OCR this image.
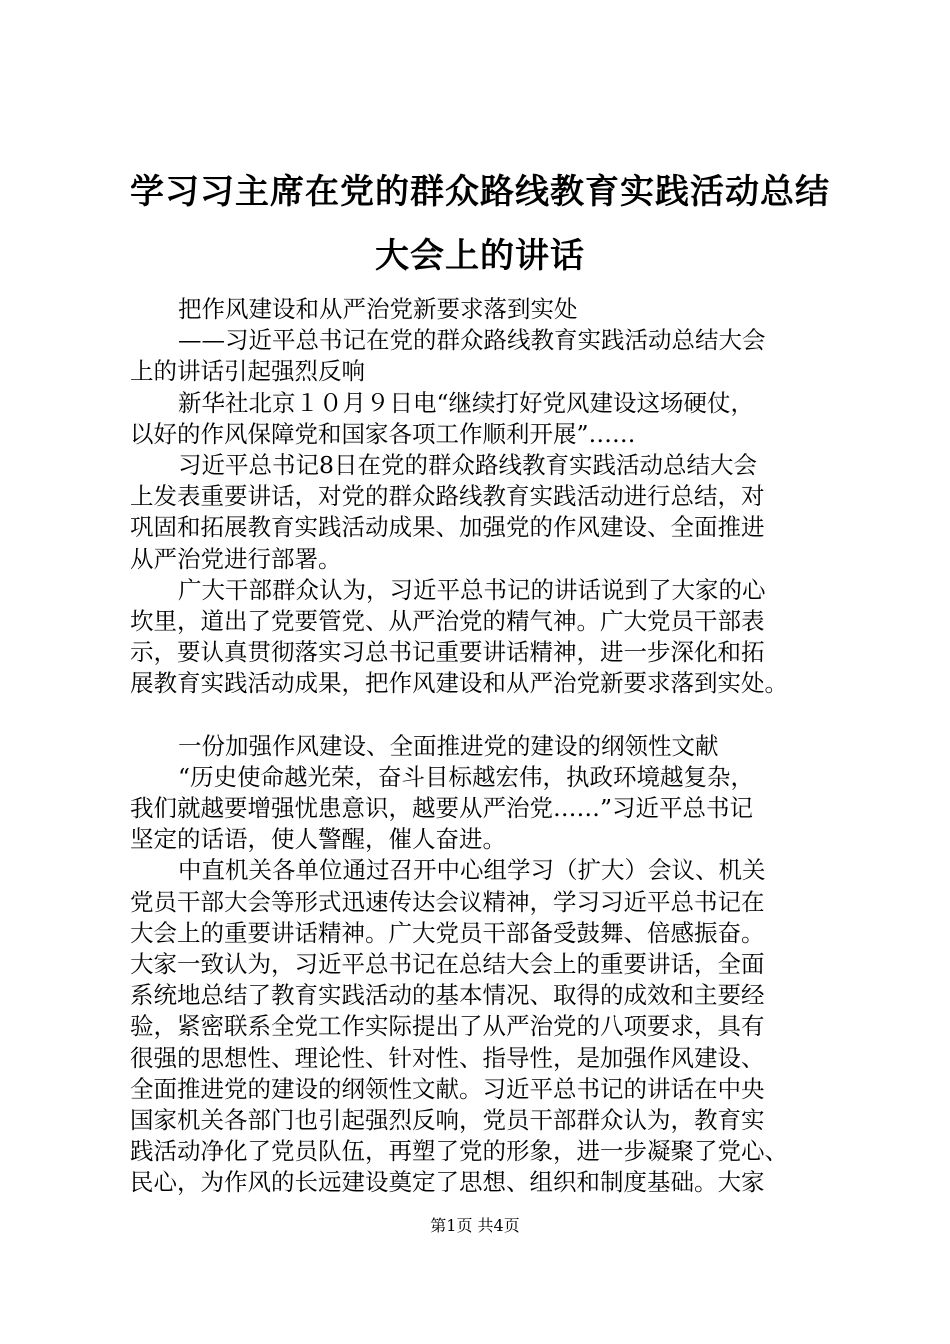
学习习主席在党的群众路线教育实践活动总结
大会上的讲话
把作风建设和从严治党新要求落到实处
——习近平总书记在党的群众路线教育实践活动总结大会
上的讲话引起强烈反响
新华社北京１０月９日电“继续打好党风建设这场硬仗，
以好的作风保障党和国家各项工作顺利开展”……
习近平总书记8日在党的群众路线教育实践活动总结大会
上发表重要讲话，对党的群众路线教育实践活动进行总结，对
巩固和拓展教育实践活动成果、加强党的作风建设、全面推进
从严治党进行部署。
广大干部群众认为，习近平总书记的讲话说到了大家的心
坎里，道出了党要管党、从严治党的精气神。广大党员干部表
示，要认真贯彻落实习总书记重要讲话精神，进一步深化和拓
展教育实践活动成果，把作风建设和从严治党新要求落到实处。
一份加强作风建设、全面推进党的建设的纲领性文献
“历史使命越光荣，奋斗目标越宏伟，执政环境越复杂，
我们就越要增强忧患意识，越要从严治党……”习近平总书记
坚定的话语，使人警醒，催人奋进。
中直机关各单位通过召开中心组学习（扩大）会议、机关
党员干部大会等形式迅速传达会议精神，学习习近平总书记在
大会上的重要讲话精神。广大党员干部备受鼓舞、倍感振奋。
大家一致认为，习近平总书记在总结大会上的重要讲话，全面
系统地总结了教育实践活动的基本情况、取得的成效和主要经
验，紧密联系全党工作实际提出了从严治党的八项要求，具有
很强的思想性、理论性、针对性、指导性，是加强作风建设、
全面推进党的建设的纲领性文献。习近平总书记的讲话在中央
国家机关各部门也引起强烈反响，党员干部群众认为，教育实
践活动净化了党员队伍，再塑了党的形象，进一步凝聚了党心、
民心，为作风的长远建设奠定了思想、组织和制度基础。大家
第1页 共4页
